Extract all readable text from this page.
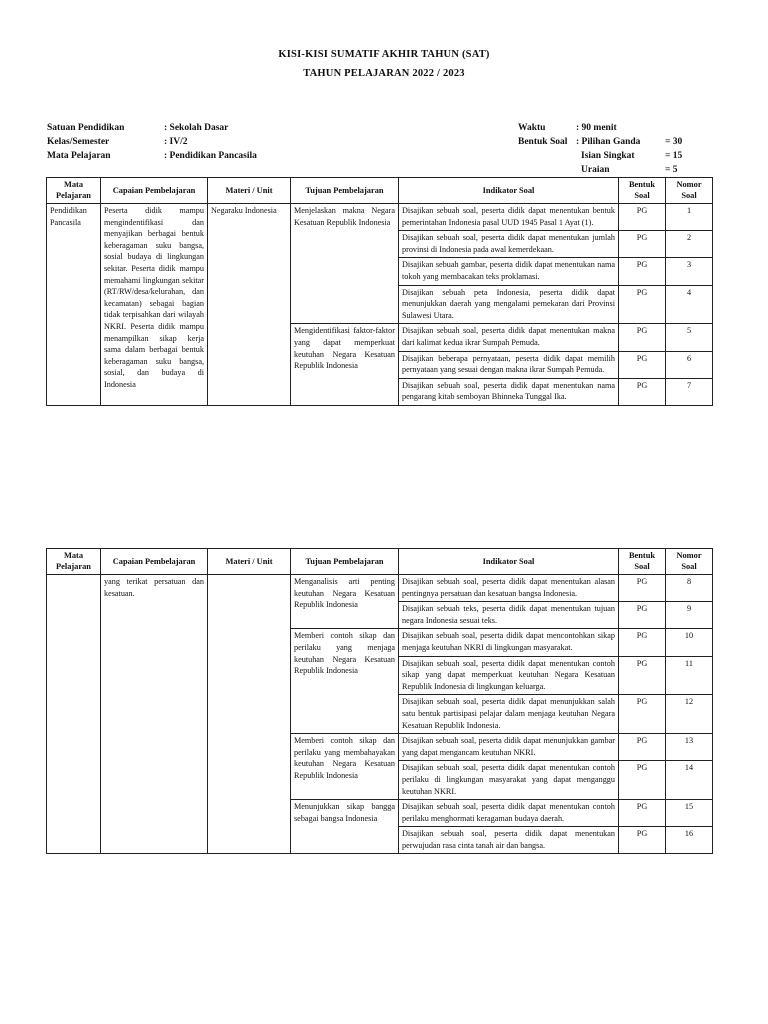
KISI-KISI SUMATIF AKHIR TAHUN (SAT)
TAHUN PELAJARAN 2022 / 2023
Satuan Pendidikan	: Sekolah Dasar
Kelas/Semester	: IV/2
Mata Pelajaran	: Pendidikan Pancasila
Waktu	: 90 menit
Bentuk Soal : Pilihan Ganda	= 30
Isian Singkat	= 15
Uraian	= 5
Mata Pelajaran	Capaian Pembelajaran	Materi / Unit	Tujuan Pembelajaran	Indikator Soal	Bentuk Soal	Nomor Soal
Pendidikan Pancasila	Peserta didik mampu mengindentifikasi dan menyajikan berbagai bentuk keberagaman suku bangsa, sosial budaya di lingkungan sekitar. Peserta didik mampu memahami lingkungan sekitar (RT/RW/desa/kelurahan, dan kecamatan) sebagai bagian tidak terpisahkan dari wilayah NKRI. Peserta didik mampu menampilkan sikap kerja sama dalam berbagai bentuk keberagaman suku bangsa, sosial, dan budaya di Indonesia	Negaraku Indonesia	Menjelaskan makna Negara Kesatuan Republik Indonesia	Disajikan sebuah soal, peserta didik dapat menentukan bentuk pemerintahan Indonesia pasal UUD 1945 Pasal 1 Ayat (1).	PG	1
				Disajikan sebuah soal, peserta didik dapat menentukan jumlah provinsi di Indonesia pada awal kemerdekaan.	PG	2
				Disajikan sebuah gambar, peserta didik dapat menentukan nama tokoh yang membacakan teks proklamasi.	PG	3
				Disajikan sebuah peta Indonesia, peserta didik dapat menunjukkan daerah yang mengalami pemekaran dari Provinsi Sulawesi Utara.	PG	4
			Mengidentifikasi faktor-faktor yang dapat memperkuat keutuhan Negara Kesatuan Republik Indonesia	Disajikan sebuah soal, peserta didik dapat menentukan makna dari kalimat kedua ikrar Sumpah Pemuda.	PG	5
				Disajikan beberapa pernyataan, peserta didik dapat memilih pernyataan yang sesuai dengan makna ikrar Sumpah Pemuda.	PG	6
				Disajikan sebuah soal, peserta didik dapat menentukan nama pengarang kitab semboyan Bhinneka Tunggal Ika.	PG	7
Mata Pelajaran	Capaian Pembelajaran	Materi / Unit	Tujuan Pembelajaran	Indikator Soal	Bentuk Soal	Nomor Soal
	yang terikat persatuan dan kesatuan.		Menganalisis arti penting keutuhan Negara Kesatuan Republik Indonesia	Disajikan sebuah soal, peserta didik dapat menentukan alasan pentingnya persatuan dan kesatuan bangsa Indonesia.	PG	8
				Disajikan sebuah teks, peserta didik dapat menentukan tujuan negara Indonesia sesuai teks.	PG	9
			Memberi contoh sikap dan perilaku yang menjaga keutuhan Negara Kesatuan Republik Indonesia	Disajikan sebuah soal, peserta didik dapat mencontohkan sikap menjaga keutuhan NKRI di lingkungan masyarakat.	PG	10
				Disajikan sebuah soal, peserta didik dapat menentukan contoh sikap yang dapat memperkuat keutuhan Negara Kesatuan Republik Indonesia di lingkungan keluarga.	PG	11
				Disajikan sebuah soal, peserta didik dapat menunjukkan salah satu bentuk partisipasi pelajar dalam menjaga keutuhan Negara Kesatuan Republik Indonesia.	PG	12
			Memberi contoh sikap dan perilaku yang membahayakan keutuhan Negara Kesatuan Republik Indonesia	Disajikan sebuah soal, peserta didik dapat menunjukkan gambar yang dapat mengancam keutuhan NKRI.	PG	13
				Disajikan sebuah soal, peserta didik dapat menentukan contoh perilaku di lingkungan masyarakat yang dapat menganggu keutuhan NKRI.	PG	14
			Menunjukkan sikap bangga sebagai bangsa Indonesia	Disajikan sebuah soal, peserta didik dapat menentukan contoh perilaku menghormati keragaman budaya daerah.	PG	15
				Disajikan sebuah soal, peserta didik dapat menentukan perwujudan rasa cinta tanah air dan bangsa.	PG	16
